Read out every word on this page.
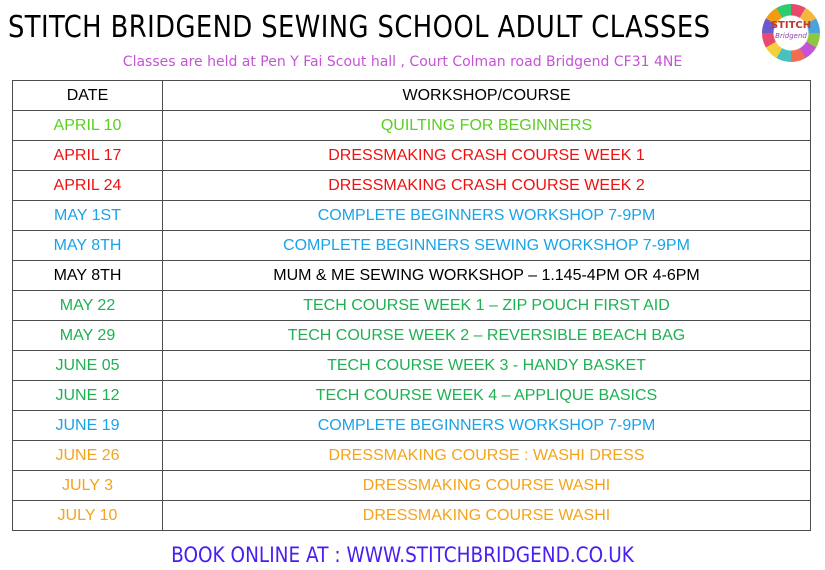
STITCH BRIDGEND SEWING SCHOOL ADULT CLASSES
Classes are held at Pen Y Fai Scout hall , Court Colman road Bridgend CF31 4NE
STITCH
Bridgend
DATE	WORKSHOP/COURSE
APRIL 10	QUILTING FOR BEGINNERS
APRIL 17	DRESSMAKING CRASH COURSE WEEK 1
APRIL 24	DRESSMAKING CRASH COURSE WEEK 2
MAY 1ST	COMPLETE BEGINNERS WORKSHOP 7-9PM
MAY 8TH	COMPLETE BEGINNERS SEWING WORKSHOP 7-9PM
MAY 8TH	MUM & ME SEWING WORKSHOP – 1.145-4PM OR 4-6PM
MAY 22	TECH COURSE WEEK 1 – ZIP POUCH FIRST AID
MAY 29	TECH COURSE WEEK 2 – REVERSIBLE BEACH BAG
JUNE 05	TECH COURSE WEEK 3 - HANDY BASKET
JUNE 12	TECH COURSE WEEK 4 – APPLIQUE BASICS
JUNE 19	COMPLETE BEGINNERS WORKSHOP 7-9PM
JUNE 26	DRESSMAKING COURSE : WASHI DRESS
JULY 3	DRESSMAKING COURSE WASHI
JULY 10	DRESSMAKING COURSE WASHI
BOOK ONLINE AT : WWW.STITCHBRIDGEND.CO.UK
